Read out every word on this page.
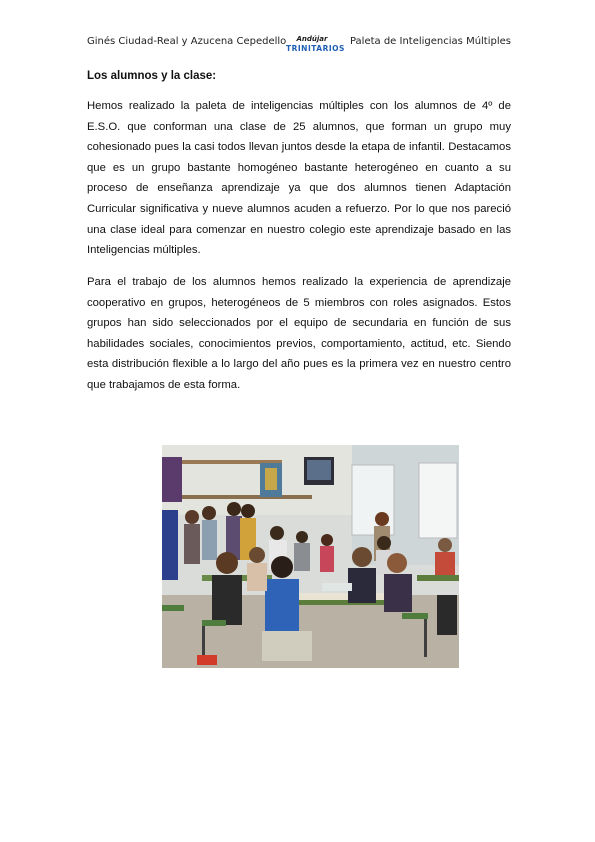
Ginés Ciudad-Real y Azucena Cepedello	Andújar
TRINITARIOS
Paleta de Inteligencias Múltiples
Los alumnos y la clase:

Hemos realizado la paleta de inteligencias múltiples con los alumnos de 4º de E.S.O. que conforman una clase de 25 alumnos, que forman un grupo muy cohesionado pues la casi todos llevan juntos desde la etapa de infantil. Destacamos que es un grupo bastante homogéneo bastante heterogéneo en cuanto a su proceso de enseñanza aprendizaje ya que dos alumnos tienen Adaptación Curricular significativa y nueve alumnos acuden a refuerzo. Por lo que nos pareció una clase ideal para comenzar en nuestro colegio este aprendizaje basado en las Inteligencias múltiples.

Para el trabajo de los alumnos hemos realizado la experiencia de aprendizaje cooperativo en grupos, heterogéneos de 5 miembros con roles asignados. Estos grupos han sido seleccionados por el equipo de secundaria en función de sus habilidades sociales, conocimientos previos, comportamiento, actitud, etc. Siendo esta distribución flexible a lo largo del año pues es la primera vez en nuestro centro que trabajamos de esta forma.
